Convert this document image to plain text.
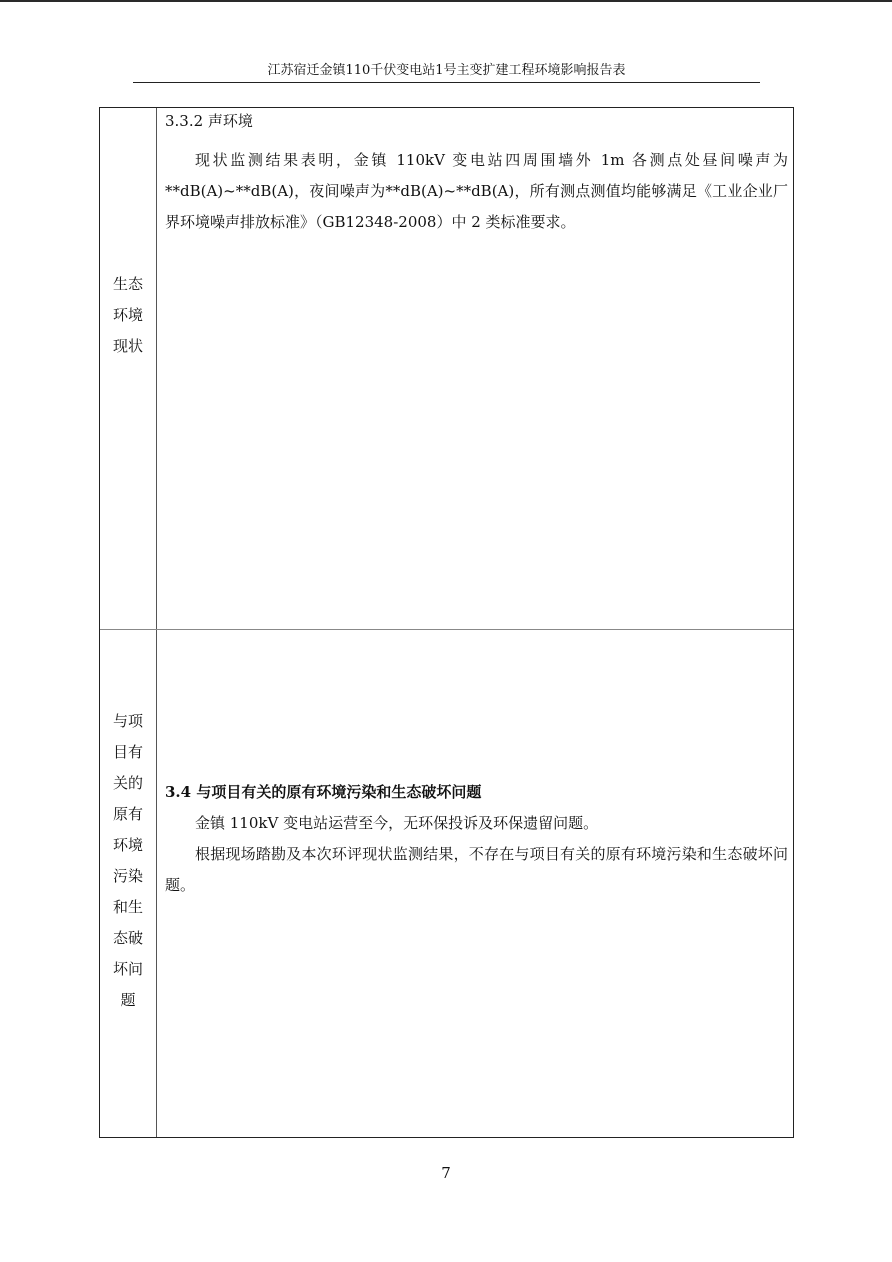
江苏宿迁金镇110千伏变电站1号主变扩建工程环境影响报告表
生态
环境
现状
3.3.2 声环境
现状监测结果表明，金镇 110kV 变电站四周围墙外 1m 各测点处昼间噪声为**dB(A)~**dB(A)，夜间噪声为**dB(A)~**dB(A)，所有测点测值均能够满足《工业企业厂界环境噪声排放标准》（GB12348-2008）中 2 类标准要求。
与项
目有
关的
原有
环境
污染
和生
态破
坏问
题
3.4 与项目有关的原有环境污染和生态破坏问题
金镇 110kV 变电站运营至今，无环保投诉及环保遗留问题。
根据现场踏勘及本次环评现状监测结果，不存在与项目有关的原有环境污染和生态破坏问题。
7
